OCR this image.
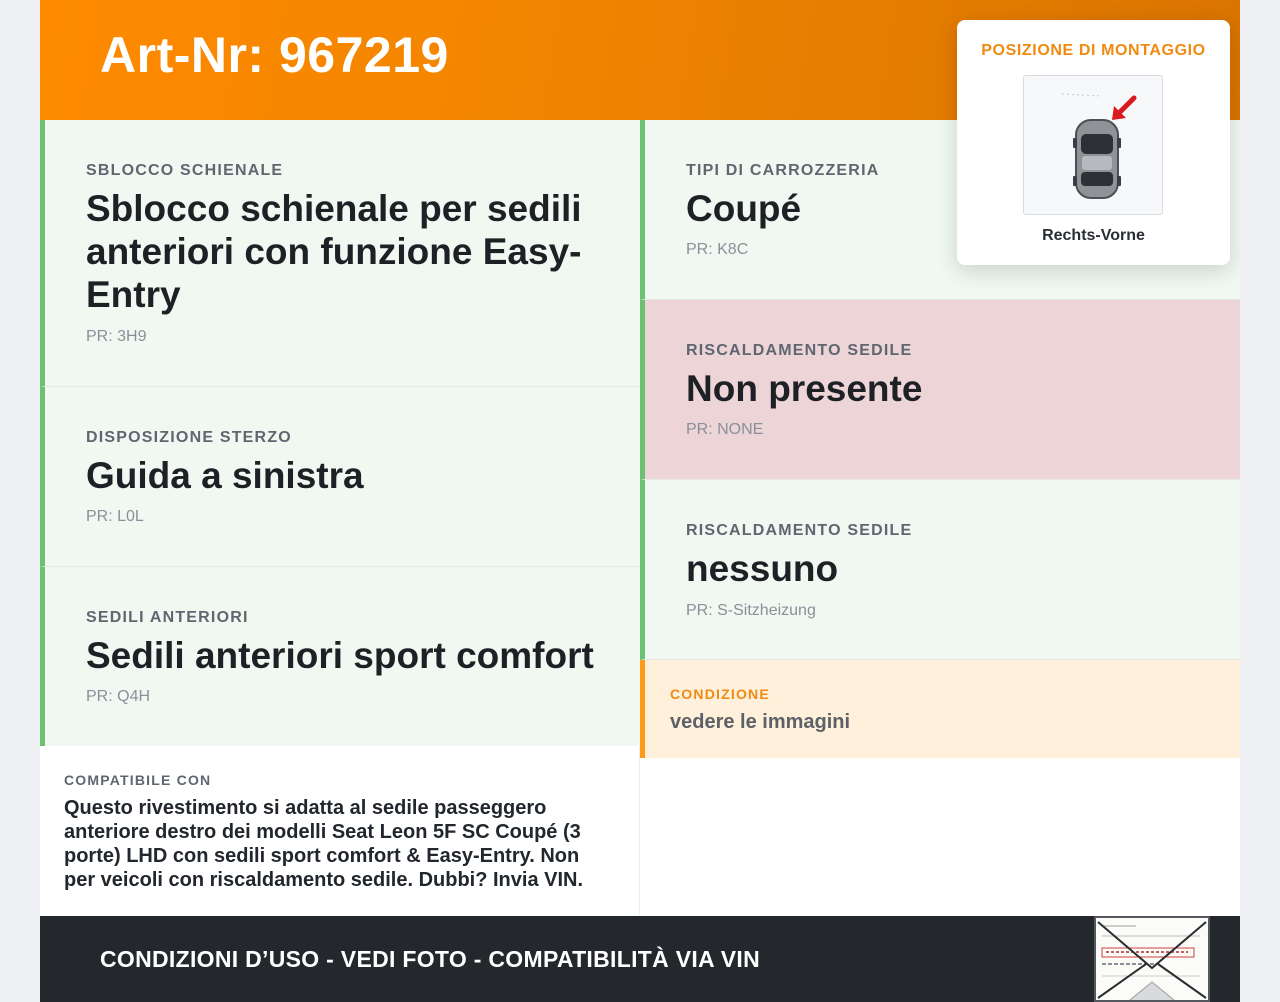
Art-Nr: 967219
SBLOCCO SCHIENALE
Sblocco schienale per sedili anteriori con funzione Easy-Entry
PR: 3H9
DISPOSIZIONE STERZO
Guida a sinistra
PR: L0L
SEDILI ANTERIORI
Sedili anteriori sport comfort
PR: Q4H
TIPI DI CARROZZERIA
Coupé
PR: K8C
RISCALDAMENTO SEDILE
Non presente
PR: NONE
RISCALDAMENTO SEDILE
nessuno
PR: S-Sitzheizung
CONDIZIONE
vedere le immagini
COMPATIBILE CON
Questo rivestimento si adatta al sedile passeggero anteriore destro dei modelli Seat Leon 5F SC Coupé (3 porte) LHD con sedili sport comfort & Easy-Entry. Non per veicoli con riscaldamento sedile. Dubbi? Invia VIN.
CONDIZIONI D’USO - VEDI FOTO - COMPATIBILITÀ VIA VIN
POSIZIONE DI MONTAGGIO
Rechts-Vorne
